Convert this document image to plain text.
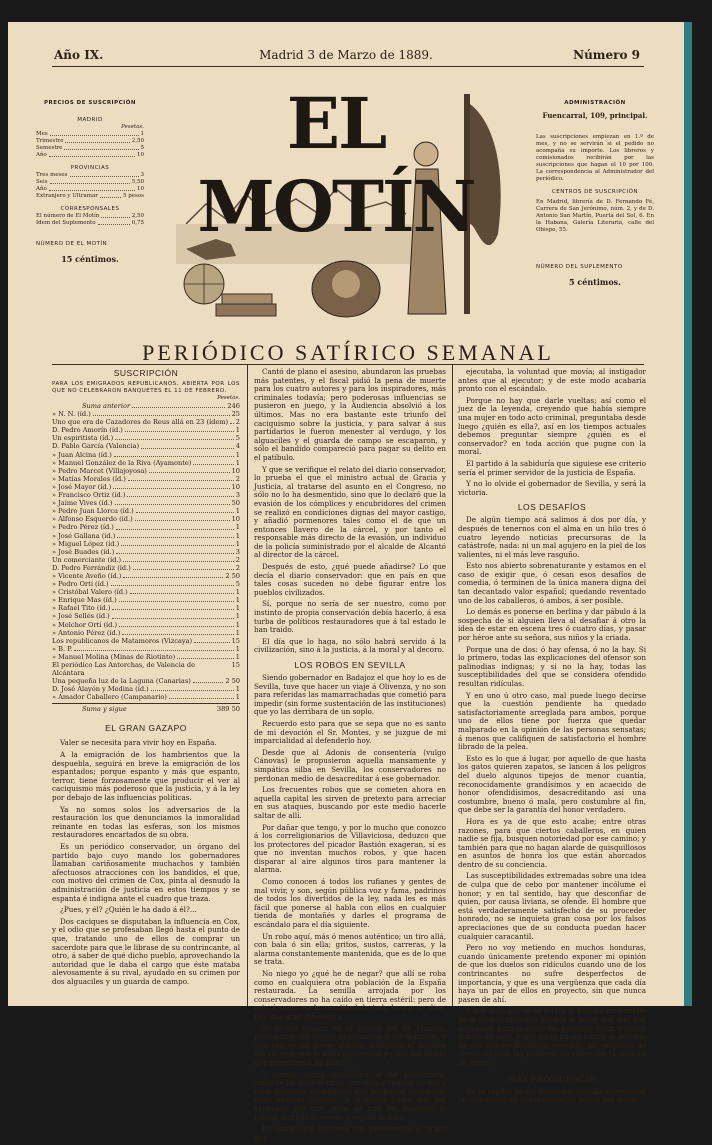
Año IX.	Madrid 3 de Marzo de 1889.	Número 9
PRECIOS DE SUSCRIPCIÓN
MADRID
Pesetas.
Mes	1
Trimestre	2,50
Semestre	5
Año	10
PROVINCIAS
Tres meses	3
Seis	5,50
Año	10
Extranjero y Ultramar	5 pesos
CORRESPONSALES
El número de El Motín	2,50
Idem del Suplemento	0,75
NÚMERO DE EL MOTÍN
15 céntimos.
EL MOTÍN
ADMINISTRACIÓN
Fuencarral, 109, principal.
Las suscripciones empiezan en 1.º de mes, y no se servirán si el pedido no acompaña su importe. Los libreros y comisionados recibirán por las suscripciones que hagan el 10 por 100. La correspondencia al Administrador del periódico.
CENTROS DE SUSCRIPCIÓN
En Madrid, librería de D. Fernando Fé, Carrera de San Jerónimo, núm. 2, y de D. Antonio San Martín, Puerta del Sol, 6. En la Habana, Galería Literaria, calle del Obispo, 55.
NÚMERO DEL SUPLEMENTO
5 céntimos.
PERIÓDICO SATÍRICO SEMANAL
SUSCRIPCIÓN
PARA LOS EMIGRADOS REPUBLICANOS, ABIERTA POR LOS QUE NO CELEBRARON BANQUETES EL 11 DE FEBRERO.
Pesetas.
Suma anterior	246
» N. N. (íd.)	25
Uno que era de Cazadores de Reus allá en 23 (ídem) 2
D. Pedro Amorín (íd.)	1
Un espiritista (íd.)	5
D. Pablo García (Valencia)	4
» Juan Alcina (íd.)	1
» Manuel González de la Riva (Ayamonte)	1
» Pedro Marcet (Villajoyosa)	10
» Matías Morales (íd.)	2
» José Mayor (íd.)	10
» Francisco Ortiz (íd.)	3
» Jaime Vives (íd.)	50
» Pedro Juan Llorca (íd.)	1
» Alfonso Esquerdo (íd.)	10
» Pedro Pérez (íd.)	1
» José Gallana (íd.)	1
» Miguel López (íd.)	1
» José Buades (íd.)	3
Un comerciante (íd.)	2
D. Pedro Ferrándiz (íd.)	2
» Vicente Aveño (íd.)	2 50
» Pedro Ortí (íd.)	5
» Cristóbal Valero (íd.)	1
» Enrique Mas (íd.)	1
» Rafael Tito (íd.)	1
» José Sellés (íd.)	1
» Melchor Ortí (íd.)	1
» Antonio Pérez (íd.)	1
Los republicanos de Matamoros (Vizcaya)	15
» B. P.	1
» Manuel Molina (Minas de Riotinto)	1
El periódico Las Antorchas, de Valencia de Alcántara
15
Una pequeña luz de la Laguna (Canarias)	2 50
D. José Alayón y Medina (íd.)	1
» Amador Caballero (Campanario)	1
Suma y sigue	389 50
EL GRAN GAZAPO

Valer se necesita para vivir hoy en España.

A la emigración de los hambrientos que la despuebla, seguirá en breve la emigración de los espantados; porque espanto y más que espanto, terror, tiene forzosamente que producir el ver al caciquismo más poderoso que la justicia, y á la ley por debajo de las influencias políticas.

Ya no somos solos los adversarios de la restauración los que denunciamos la inmoralidad reinante en todas las esferas, son los mismos restauradores encartados de su obra.

Es un periódico conservador, un órgano del partido bajo cuyo mando los gobernadores llamaban cariñosamente muchachos y también afectuosos atracciones con los bandidos, el que, con motivo del crimen de Cox, pinta al desnudo la administración de justicia en estos tiempos y se espanta é indigna ante el cuadro que traza.

¿Pues, y él? ¿Quién le ha dado á él?...

Dos caciques se disputaban la influencia en Cox, y el odio que se profesaban llegó hasta el punto de que, tratando uno de ellos de comprar un sacerdote para que le librase de su contrincante, al otro, á saber de qué dicho pueblo, aprovechando la autoridad que le daba el cargo que éste mataba alevosamente á su rival, ayudado en su crimen por dos alguaciles y un guarda de campo.

Cantó de plano el asesino, abundaron las pruebas más patentes, y el fiscal pidió la pena de muerte para los cuatro autores y para los inspiradores, más criminales todavía; pero poderosas influencias se pusieron en juego, y la Audiencia absolvió á los últimos. Mas no era bastante este triunfo del caciquismo sobre la justicia, y para salvar á sus partidarios le fueron menester al verdugo, y los alguaciles y el guarda de campo se escaparon, y sólo el bandido compareció para pagar su delito en el patíbulo.

Y que se verifique el relato del diario conservador, lo prueba el que el ministro actual de Gracia y Justicia, al tratarse del asunto en el Congreso, no sólo no lo ha desmentido, sino que lo declaró que la evasión de los cómplices y encubridores del crimen se realizó en condiciones dignas del mayor castigo, y añadió pormenores tales como el de que un entonces llavero de la cárcel, y por tanto el responsable más directo de la evasión, un individuo de la policía suministrado por el alcalde de Alcantó al director de la cárcel.

Después de esto, ¿qué puede añadirse? Lo que decía el diario conservador: que en país en que tales cosas suceden no debe figurar entre los pueblos civilizados.

Sí, porque no sería de ser nuestro, como por instinto de propia conservación debía hacerlo, á esa turba de políticos restauradores que á tal estado le han traído.

El día que lo haga, no sólo habrá servido á la civilización, sino á la justicia, á la moral y al decoro.

LOS ROBOS EN SEVILLA

Siendo gobernador en Badajoz el que hoy lo es de Sevilla, tuve que hacer un viaje á Olivenza, y no son para referidas las mamarrachadas que cometió para impedir (sin forme sustentación de las instituciones) que yo las derribara de un soplo.

Recuerdo esto para que se sepa que no es santo de mi devoción el Sr. Montes, y se juzgue de mi imparcialidad al defenderlo hoy.

Desde que al Adonis de consentería (vulgo Cánovas) le propusieron aquella mansamente y simpática silba en Sevilla, los conservadores no perdonan medio de desacreditar á ese gobernador.

Los frecuentes robos que se cometen ahora en aquella capital les sirven de pretexto para arreciar en sus ataques, buscando por este medio hacerle saltar de allí.

Por dañar que tengo, y por lo mucho que conozco á los correligionarios de Villaviciosa, deduzco que los protectores del picador Bastión exageran, sí es que no inventan muchos robos, y que hacen disparar al aire algunos tiros para mantener la alarma.

Como conocen á todos los rufianes y gentes de mal vivir, y son, según pública voz y fama, padrinos de todos los divertidos de la ley, nada les es más fácil que ponerse al habla con ellos en cualquier tienda de montañés y darles el programa de escándalo para el día siguiente.

Un robo aquí, más ó menos auténtico; un tiro allá, con bala ó sin ella; gritos, sustos, carreras, y la alarma constantemente mantenida, que es de lo que se trata.

No niego yo ¿qué he de negar? que allí se roba como en cualquiera otra población de la España restaurada. La semilla arrojada por los conservadores no ha caído en tierra estéril: pero de esto á creer en la exactitud de todo lo que se dice, hay una gran diferencia.

Si yo me hallara en el puesto del Sr. Montes, perseguiría sin tregua ni descanso á los ladrones, y una vez en mi poder alguno, indagaría el nombre del cacique que le daba protección y ¡zas! del diablo que prendiera á mi pillo!

Y cuando algún ciudadano se me presentara, como se ha dado el caso, con reloj y cadena de oro y capa flamante, diciéndome que acababan de robarle unas cuantas pesetas, lo trincaría hasta que me explicase por qué regla de tres los ladrones le habían quitado lo menos y dejado lo más.

En suma, que buscaría con preferencia al brazo que

ejecutaba, la voluntad que movía; al instigador antes que al ejecutor; y de este modo acabaría pronto con el escándalo.

Porque no hay que darle vueltas; así como el juez de la leyenda, creyendo que había siempre una mujer en todo acto criminal, preguntaba desde luego ¿quién es ella?, así en los tiempos actuales debemos preguntar siempre ¿quién es el conservador? en toda acción que pugne con la moral.

El partido á la sabiduría que siguiese ese criterio sería el primer servidor de la justicia de España.

Y no lo olvide el gobernador de Sevilla, y será la victoria.

LOS DESAFÍOS

De algún tiempo acá salimos á dos por día, y después de tenernos con el alma en un hilo tres ó cuatro leyendo noticias precursoras de la catástrofe, nada: ni un mal agujero en la piel de los valientes, ni el más leve rasguño.

Esto nos abierto sobrenaturante y estamos en el caso de exigir que, ó cesan esos desafíos de comedia, ó terminen de la única manera digna del tan decantado valor español; quedando reventado uno de los caballeros, ó ambos, á ser posible.

Lo demás es ponerse en berlina y dar pábulo á la sospecha de si alguien lleva al desafiar á otro la idea de estar en escena tres ó cuatro días, y pasar por héroe ante su señora, sus niños y la criada.

Porque una de dos: ó hay ofensa, ó no la hay. Si lo primero, todas las explicaciones del ofensor son palinodias indignas; y si no la hay, todas las susceptibilidades del que se considera ofendido resultan ridículas.

Y en uno ú otro caso, mal puede luego decirse que la cuestión pendiente ha quedado satisfactoriamente arreglada para ambos, porque uno de ellos tiene por fuerza que quedar malparado en la opinión de las personas sensatas; á menos que califiquen de satisfactorio el hombre librado de la pelea.

Esto es lo que á lugar, por aquello de que hasta los gatos quieren zapatos, se lancen á los peligros del duelo algunos tipejos de menor cuantía, reconocidamente grandísimos y en acaecido de honor ofendidísimos, desacreditando así una costumbre, bueno ó mala, pero costumbre al fin, que debe ser la garantía del honor verdadero.

Hora es ya de que esto acabe; entre otras razones, para que ciertos caballeros, en quien nadie se fija, busquen notoriedad por ese camino; y también para que no hagan alarde de quisquillosos en asuntos de honra los que están ahorcados dentro de su conciencia.

Las susceptibilidades extremadas sobre una idea de culpa que de cebo por mantener incólume el honor; y en tal sentido, hay que desconfiar de quien, por causa liviana, se ofende. El hombre que está verdaderamente satisfecho de su proceder honrado, no se inquieta gran cosa por los falsos apreciaciones que de su conducta puedan hacer cualquier caracantil.

Pero no voy metiendo en muchos honduras, cuando únicamente pretendo exponer mi opinión de que los duelos son ridículos cuando uno de los contrincantes no sufre desperfectos de importancia, y que es una vergüenza que cada día haya un par de ellos en proyecto, sin que nunca pasen de ahí.

Y que pido que se se estafa al público preguntale de la satisfacción que tendría al saber que aun hay españoles para quienes las palabras valor y honor significan algo, y que no lo pasan nunca al servicio de sus susceptibilidades pueriles, sin perjuicio de cantar cuando las palabras no valen con la cosa va de veras.

¡HAY PROVIDENCIA!

De la capilla de las Doncellas (capilla inverosímil en una catedral) desaparecieron nueve mil duros.
